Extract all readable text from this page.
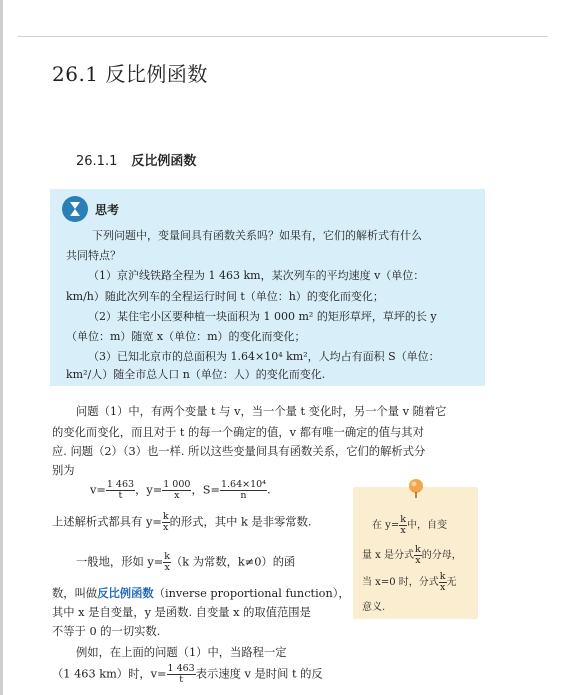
26.1 反比例函数
26.1.1 反比例函数
思考
下列问题中，变量间具有函数关系吗？如果有，它们的解析式有什么
共同特点？
（1）京沪线铁路全程为 1 463 km，某次列车的平均速度 v（单位：
km/h）随此次列车的全程运行时间 t（单位：h）的变化而变化；
（2）某住宅小区要种植一块面积为 1 000 m² 的矩形草坪，草坪的长 y
（单位：m）随宽 x（单位：m）的变化而变化；
（3）已知北京市的总面积为 1.64×10⁴ km²，人均占有面积 S（单位：
km²/人）随全市总人口 n（单位：人）的变化而变化.
问题（1）中，有两个变量 t 与 v，当一个量 t 变化时，另一个量 v 随着它
的变化而变化，而且对于 t 的每一个确定的值，v 都有唯一确定的值与其对
应. 问题（2）（3）也一样. 所以这些变量间具有函数关系，它们的解析式分
别为
$v= \frac{1 463}{t}$ ，$y= \frac{1 000}{x}$ ，$S= \frac{\text{1.64×10⁴}}{n}$ .
上述解析式都具有 $y= \frac{k}{x}$ 的形式，其中 k 是非零常数.
一般地，形如 $y= \frac{k}{x} (k$ 为常数，k≠0）的函
数，叫做反比例函数（inverse proportional function），
其中 x 是自变量，y 是函数. 自变量 x 的取值范围是
不等于 0 的一切实数.
例如，在上面的问题（1）中，当路程一定
（1 463 km）时，$v= \frac{1 463}{t}$ 表示速度 v 是时间 t 的反
在 $y= \frac{k}{x}$ 中，自变
量 x 是分式 $\frac{k}{x}$ 的分母，
当 x=0 时，分式 $\frac{k}{x}$ 无
意义.
